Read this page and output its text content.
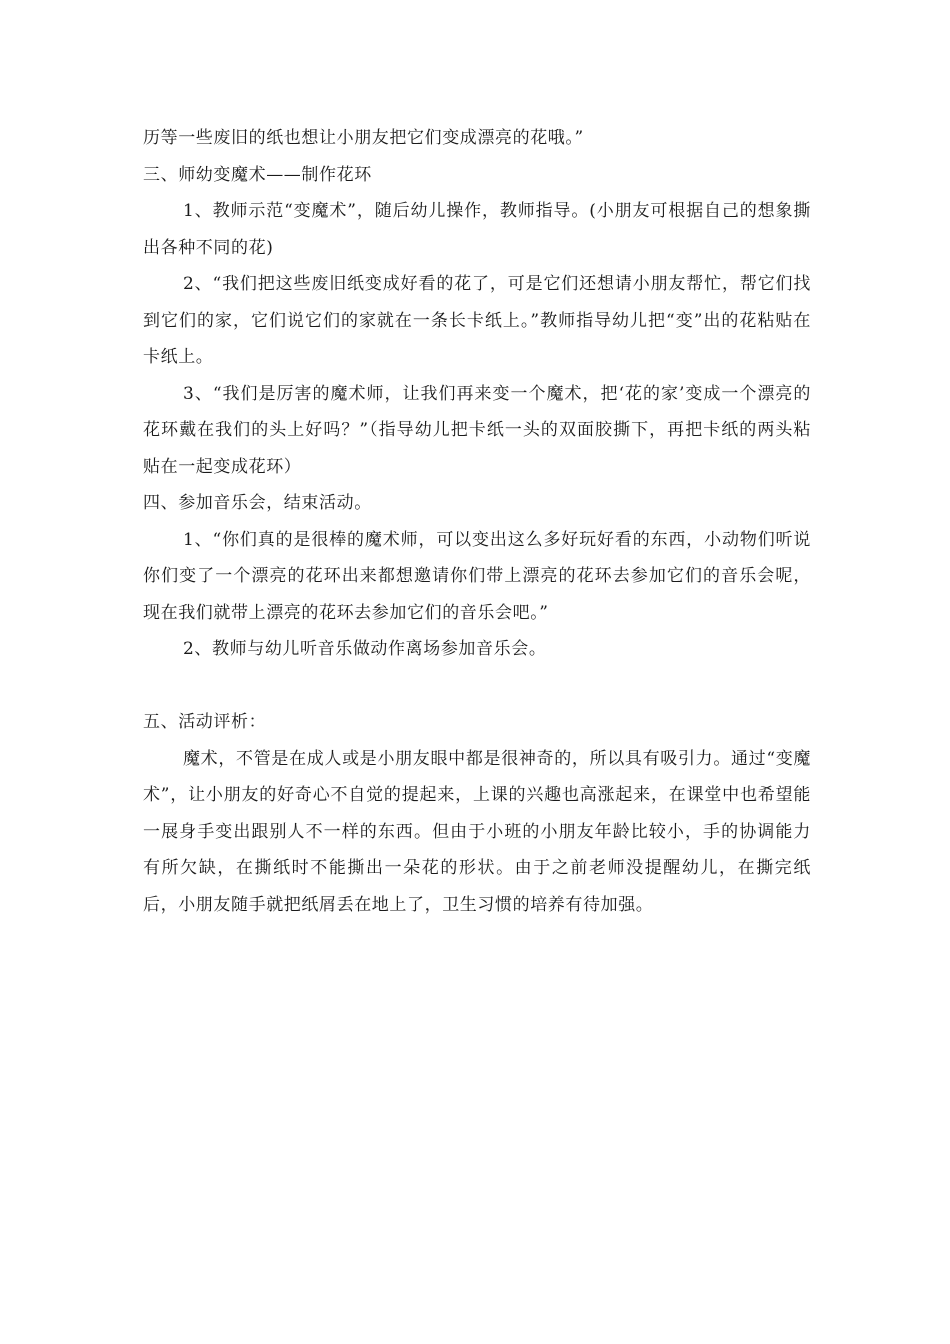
历等一些废旧的纸也想让小朋友把它们变成漂亮的花哦。”

三、师幼变魔术——制作花环

1、教师示范“变魔术”，随后幼儿操作，教师指导。(小朋友可根据自己的想象撕出各种不同的花)

2、“我们把这些废旧纸变成好看的花了，可是它们还想请小朋友帮忙，帮它们找到它们的家，它们说它们的家就在一条长卡纸上。”教师指导幼儿把“变”出的花粘贴在卡纸上。

3、“我们是厉害的魔术师，让我们再来变一个魔术，把‘花的家’变成一个漂亮的花环戴在我们的头上好吗？”（指导幼儿把卡纸一头的双面胶撕下，再把卡纸的两头粘贴在一起变成花环）

四、参加音乐会，结束活动。

1、“你们真的是很棒的魔术师，可以变出这么多好玩好看的东西，小动物们听说你们变了一个漂亮的花环出来都想邀请你们带上漂亮的花环去参加它们的音乐会呢，现在我们就带上漂亮的花环去参加它们的音乐会吧。”

2、教师与幼儿听音乐做动作离场参加音乐会。

五、活动评析：

魔术，不管是在成人或是小朋友眼中都是很神奇的，所以具有吸引力。通过“变魔术”，让小朋友的好奇心不自觉的提起来，上课的兴趣也高涨起来，在课堂中也希望能一展身手变出跟别人不一样的东西。但由于小班的小朋友年龄比较小，手的协调能力有所欠缺，在撕纸时不能撕出一朵花的形状。由于之前老师没提醒幼儿，在撕完纸后，小朋友随手就把纸屑丢在地上了，卫生习惯的培养有待加强。
